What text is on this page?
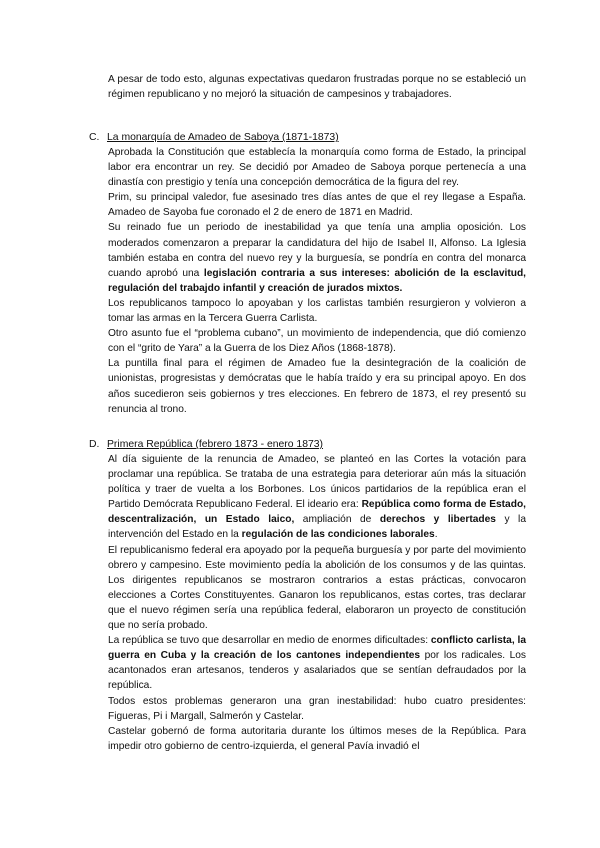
A pesar de todo esto, algunas expectativas quedaron frustradas porque no se estableció un régimen republicano y no mejoró la situación de campesinos y trabajadores.

C. La monarquía de Amadeo de Saboya (1871-1873)

Aprobada la Constitución que establecía la monarquía como forma de Estado, la principal labor era encontrar un rey. Se decidió por Amadeo de Saboya porque pertenecía a una dinastía con prestigio y tenía una concepción democrática de la figura del rey.

Prim, su principal valedor, fue asesinado tres días antes de que el rey llegase a España. Amadeo de Sayoba fue coronado el 2 de enero de 1871 en Madrid.

Su reinado fue un periodo de inestabilidad ya que tenía una amplia oposición. Los moderados comenzaron a preparar la candidatura del hijo de Isabel II, Alfonso. La Iglesia también estaba en contra del nuevo rey y la burguesía, se pondría en contra del monarca cuando aprobó una legislación contraria a sus intereses: abolición de la esclavitud, regulación del trabajdo infantil y creación de jurados mixtos.

Los republicanos tampoco lo apoyaban y los carlistas también resurgieron y volvieron a tomar las armas en la Tercera Guerra Carlista.

Otro asunto fue el “problema cubano”, un movimiento de independencia, que dió comienzo con el “grito de Yara” a la Guerra de los Diez Años (1868-1878).

La puntilla final para el régimen de Amadeo fue la desintegración de la coalición de unionistas, progresistas y demócratas que le había traído y era su principal apoyo. En dos años sucedieron seis gobiernos y tres elecciones. En febrero de 1873, el rey presentó su renuncia al trono.

D. Primera República (febrero 1873 - enero 1873)

Al día siguiente de la renuncia de Amadeo, se planteó en las Cortes la votación para proclamar una república. Se trataba de una estrategia para deteriorar aún más la situación política y traer de vuelta a los Borbones. Los únicos partidarios de la república eran el Partido Demócrata Republicano Federal. El ideario era: República como forma de Estado, descentralización, un Estado laico, ampliación de derechos y libertades y la intervención del Estado en la regulación de las condiciones laborales.

El republicanismo federal era apoyado por la pequeña burguesía y por parte del movimiento obrero y campesino. Este movimiento pedía la abolición de los consumos y de las quintas. Los dirigentes republicanos se mostraron contrarios a estas prácticas, convocaron elecciones a Cortes Constituyentes. Ganaron los republicanos, estas cortes, tras declarar que el nuevo régimen sería una república federal, elaboraron un proyecto de constitución que no sería probado.

La república se tuvo que desarrollar en medio de enormes dificultades: conflicto carlista, la guerra en Cuba y la creación de los cantones independientes por los radicales. Los acantonados eran artesanos, tenderos y asalariados que se sentían defraudados por la república.

Todos estos problemas generaron una gran inestabilidad: hubo cuatro presidentes: Figueras, Pi i Margall, Salmerón y Castelar.

Castelar gobernó de forma autoritaria durante los últimos meses de la República. Para impedir otro gobierno de centro-izquierda, el general Pavía invadió el
